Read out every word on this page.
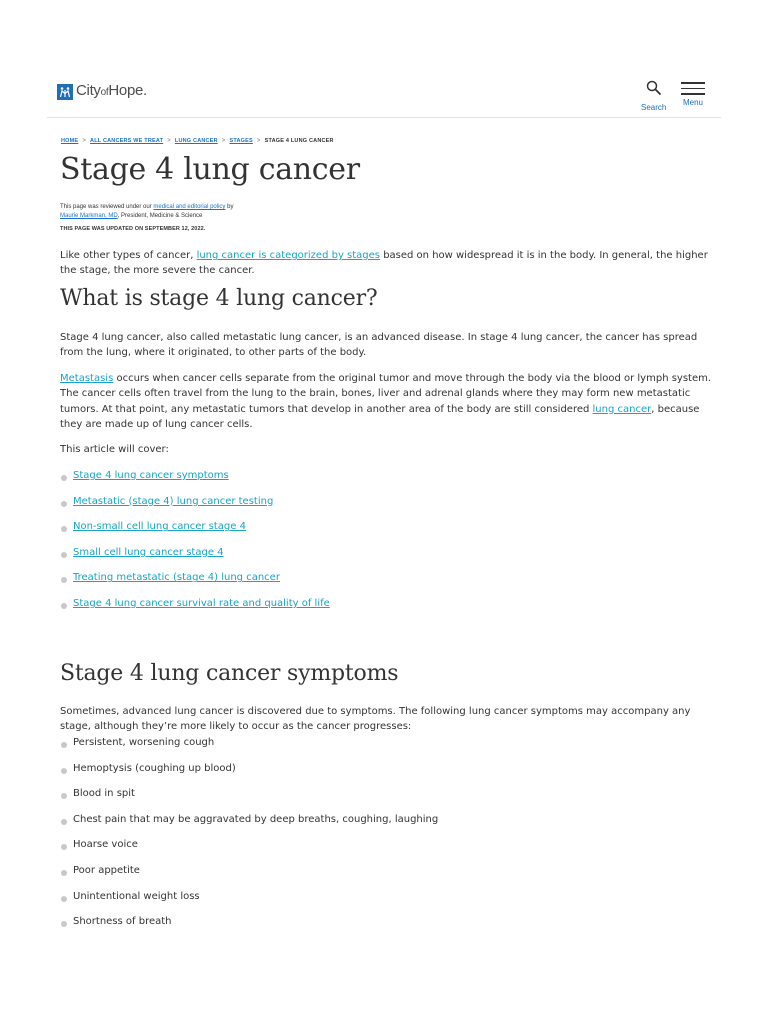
CityofHope.
Search
Menu
HOME > ALL CANCERS WE TREAT > LUNG CANCER > STAGES > STAGE 4 LUNG CANCER
Stage 4 lung cancer
This page was reviewed under our medical and editorial policy by
Maurie Markman, MD, President, Medicine & Science
THIS PAGE WAS UPDATED ON SEPTEMBER 12, 2022.

Like other types of cancer, lung cancer is categorized by stages based on how widespread it is in the body. In general, the higher the stage, the more severe the cancer.

What is stage 4 lung cancer?

Stage 4 lung cancer, also called metastatic lung cancer, is an advanced disease. In stage 4 lung cancer, the cancer has spread from the lung, where it originated, to other parts of the body.

Metastasis occurs when cancer cells separate from the original tumor and move through the body via the blood or lymph system. The cancer cells often travel from the lung to the brain, bones, liver and adrenal glands where they may form new metastatic tumors. At that point, any metastatic tumors that develop in another area of the body are still considered lung cancer, because they are made up of lung cancer cells.

This article will cover:

Stage 4 lung cancer symptoms
Metastatic (stage 4) lung cancer testing
Non-small cell lung cancer stage 4
Small cell lung cancer stage 4
Treating metastatic (stage 4) lung cancer
Stage 4 lung cancer survival rate and quality of life
Stage 4 lung cancer symptoms

Sometimes, advanced lung cancer is discovered due to symptoms. The following lung cancer symptoms may accompany any stage, although they’re more likely to occur as the cancer progresses:

Persistent, worsening cough
Hemoptysis (coughing up blood)
Blood in spit
Chest pain that may be aggravated by deep breaths, coughing, laughing
Hoarse voice
Poor appetite
Unintentional weight loss
Shortness of breath
